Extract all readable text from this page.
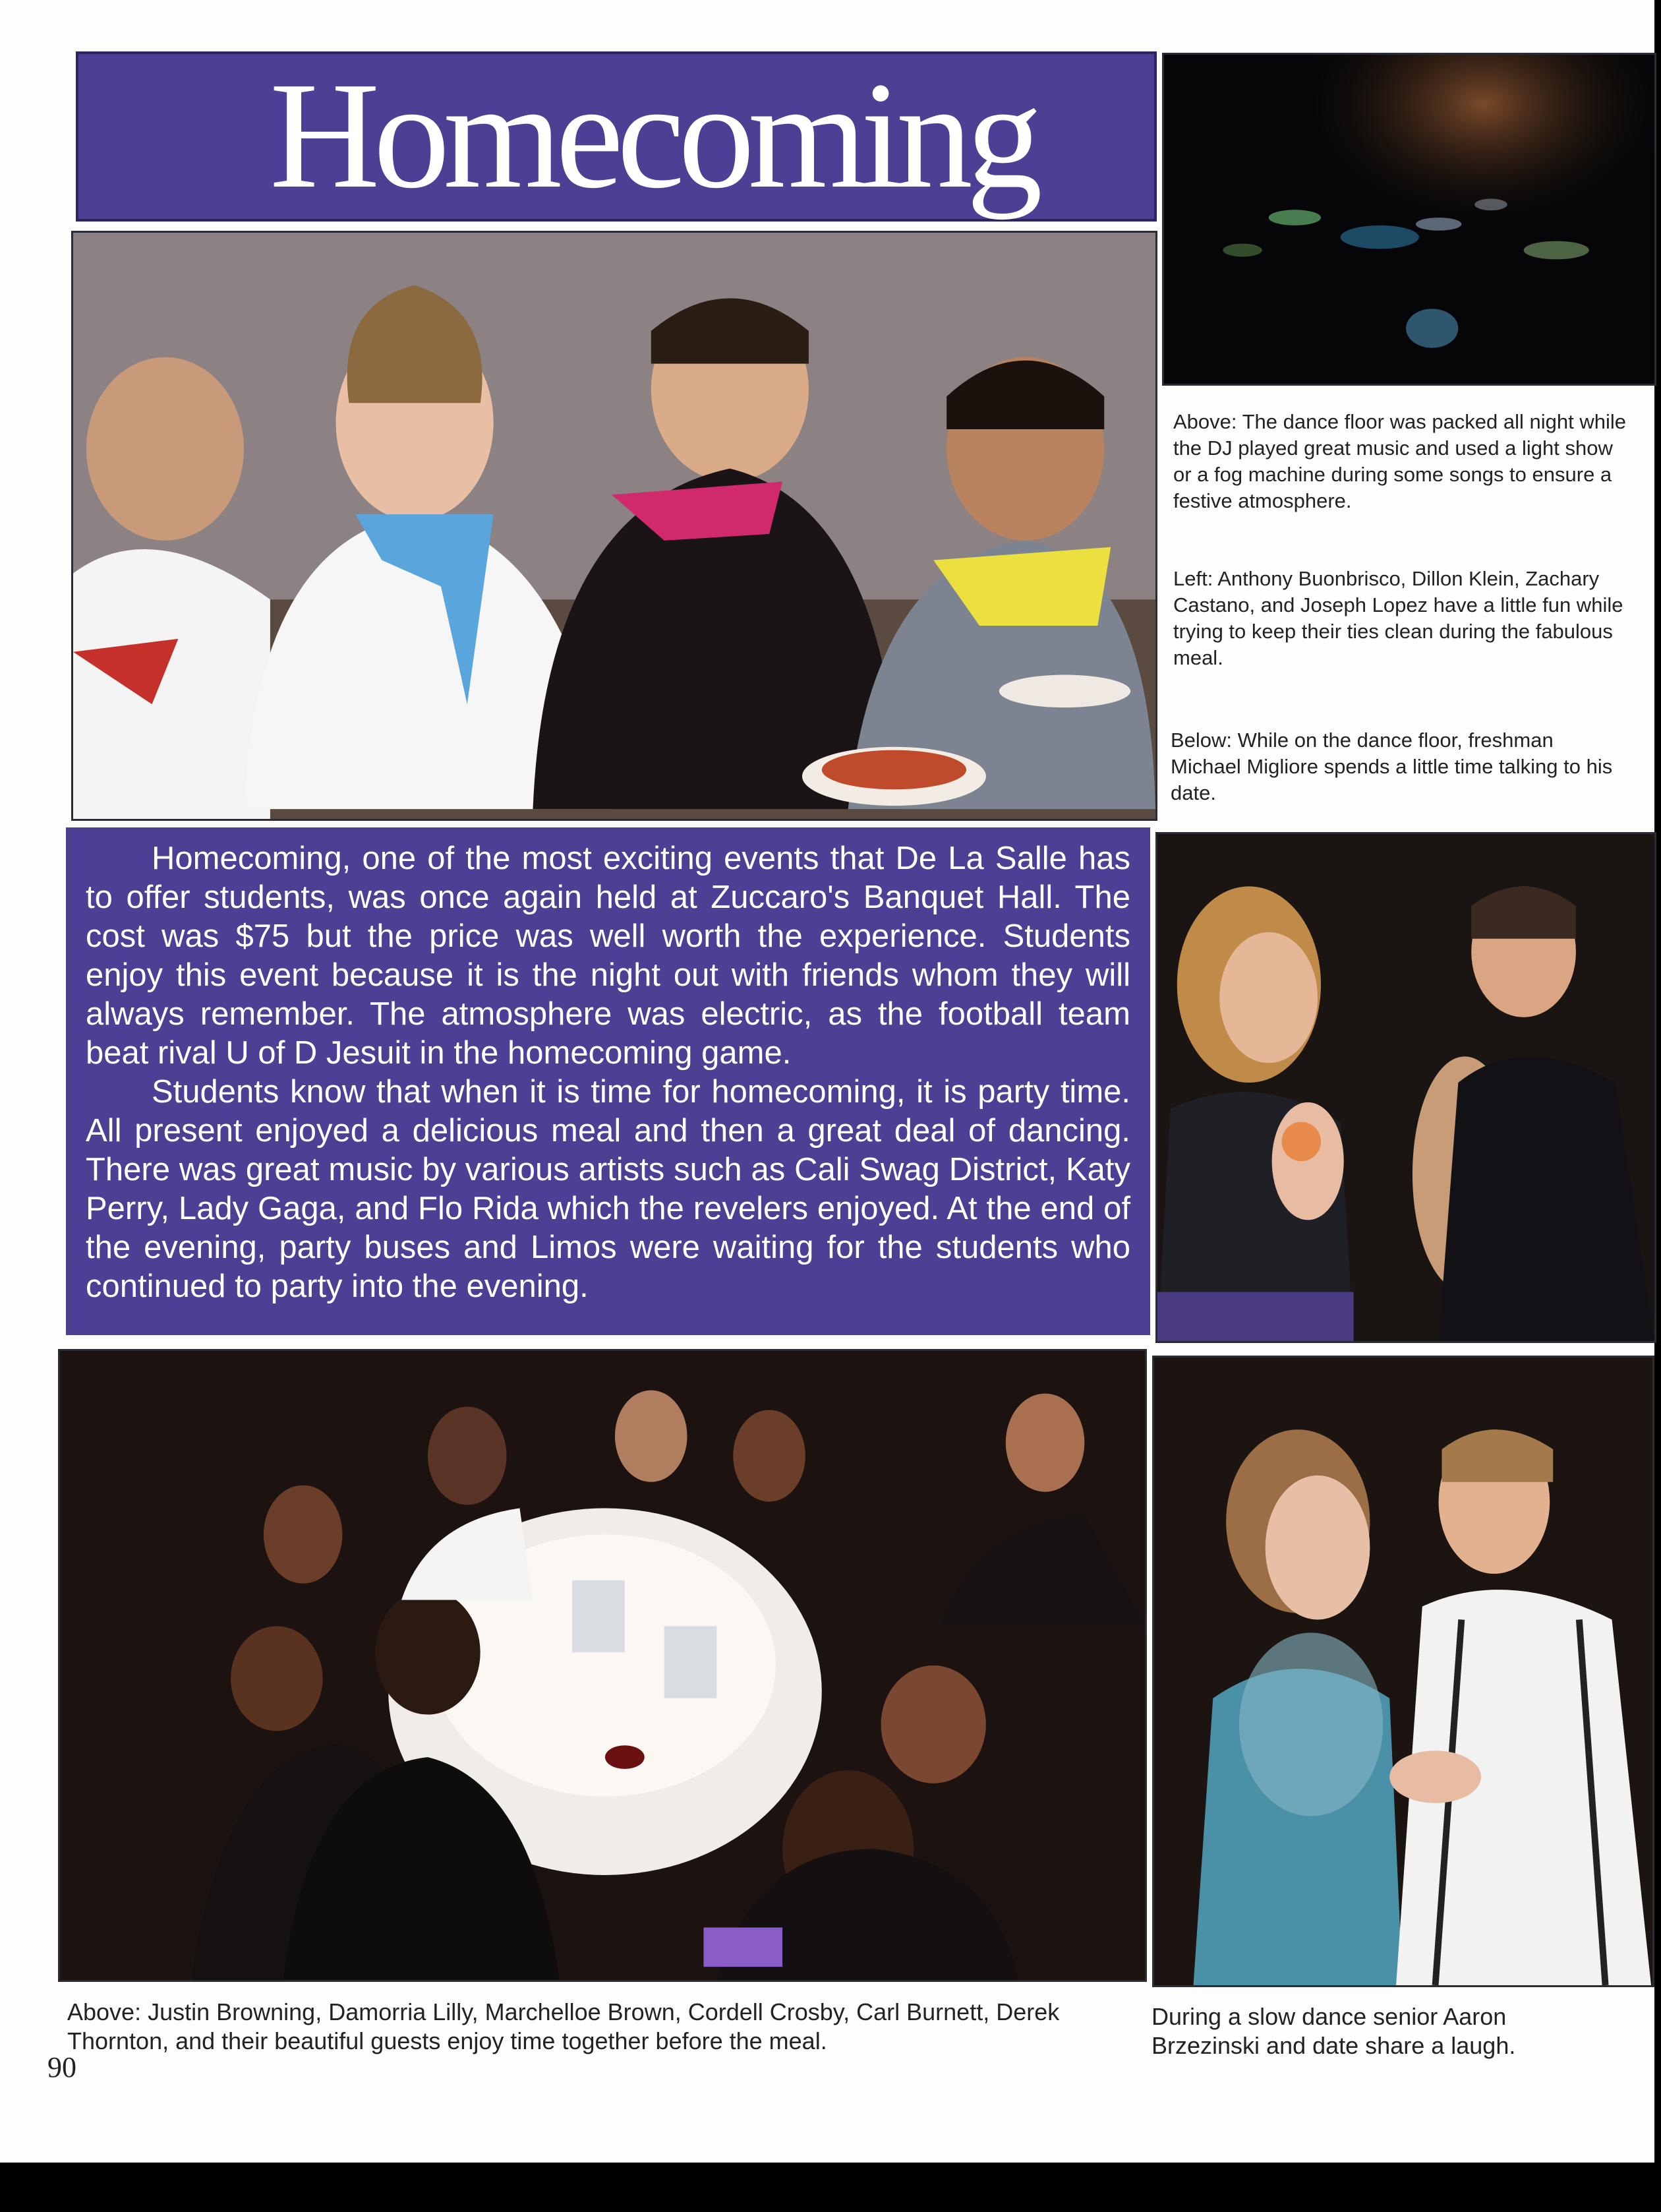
Homecoming
Above: The dance floor was packed all night while the DJ played great music and used a light show or a fog machine during some songs to ensure a festive atmosphere.
Left: Anthony Buonbrisco, Dillon Klein, Zachary Castano, and Joseph Lopez have a little fun while trying to keep their ties clean during the fabulous meal.
Below: While on the dance floor, freshman Michael Migliore spends a little time talking to his date.

Homecoming, one of the most exciting events that De La Salle has to offer students, was once again held at Zuccaro's Banquet Hall. The cost was $75 but the price was well worth the experience. Students enjoy this event because it is the night out with friends whom they will always remember. The atmosphere was electric, as the football team beat rival U of D Jesuit in the homecoming game.

Students know that when it is time for homecoming, it is party time. All present enjoyed a delicious meal and then a great deal of dancing. There was great music by various artists such as Cali Swag District, Katy Perry, Lady Gaga, and Flo Rida which the revelers enjoyed. At the end of the evening, party buses and Limos were waiting for the students who continued to party into the evening.

Above: Justin Browning, Damorria Lilly, Marchelloe Brown, Cordell Crosby, Carl Burnett, Derek Thornton, and their beautiful guests enjoy time together before the meal.
During a slow dance senior Aaron Brzezinski and date share a laugh.
90
